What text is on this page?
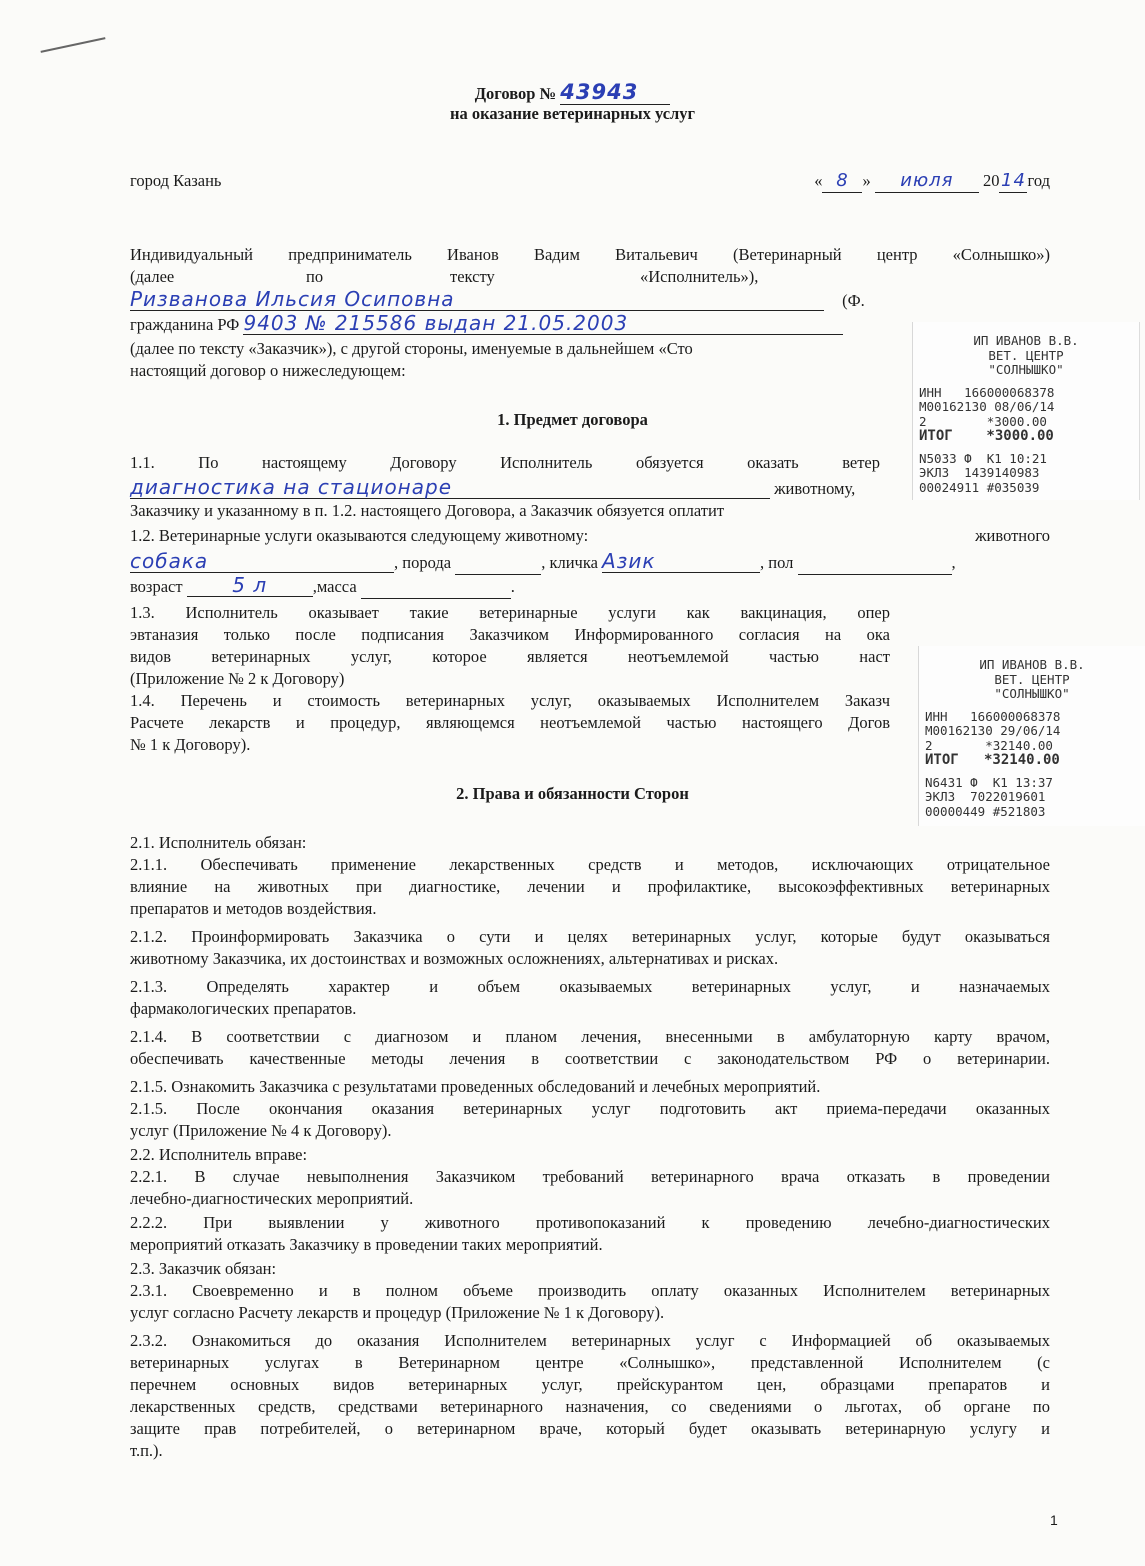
Договор № 43943
на оказание ветеринарных услуг
город Казань	« 8 » июля 2014год
Индивидуальный предприниматель Иванов Вадим Витальевич (Ветеринарный центр «Солнышко»)
(далее	по	тексту	«Исполнитель»),
Ризванова Ильсия Осиповна	(Ф.
гражданина РФ 9403 № 215586 выдан 21.05.2003
(далее по тексту «Заказчик»), с другой стороны, именуемые в дальнейшем «Сто
настоящий договор о нижеследующем:
1. Предмет договора
1.1. По настоящему Договору Исполнитель обязуется оказать ветер
диагностика на стационаре	животному,
Заказчику и указанному в п. 1.2. настоящего Договора, а Заказчик обязуется оплатит
1.2. Ветеринарные услуги оказываются следующему животному:	животного
собака	, порода	, кличка Азик	, пол	,
возраст 5 л	,масса	.
1.3. Исполнитель оказывает такие ветеринарные услуги как вакцинация, опер
эвтаназия только после подписания Заказчиком Информированного согласия на ока
видов ветеринарных услуг, которое является неотъемлемой частью наст
(Приложение № 2 к Договору)
1.4. Перечень и стоимость ветеринарных услуг, оказываемых Исполнителем Заказч
Расчете лекарств и процедур, являющемся неотъемлемой частью настоящего Догов
№ 1 к Договору).
2. Права и обязанности Сторон
2.1. Исполнитель обязан:
2.1.1. Обеспечивать применение лекарственных средств и методов, исключающих отрицательное
влияние на животных при диагностике, лечении и профилактике, высокоэффективных ветеринарных
препаратов и методов воздействия.
2.1.2. Проинформировать Заказчика о сути и целях ветеринарных услуг, которые будут оказываться
животному Заказчика, их достоинствах и возможных осложнениях, альтернативах и рисках.
2.1.3. Определять характер и объем оказываемых ветеринарных услуг, и назначаемых
фармакологических препаратов.
2.1.4. В соответствии с диагнозом и планом лечения, внесенными в амбулаторную карту врачом,
обеспечивать качественные методы лечения в соответствии с законодательством РФ о ветеринарии.
2.1.5. Ознакомить Заказчика с результатами проведенных обследований и лечебных мероприятий.
2.1.5. После окончания оказания ветеринарных услуг подготовить акт приема-передачи оказанных
услуг (Приложение № 4 к Договору).
2.2. Исполнитель вправе:
2.2.1. В случае невыполнения Заказчиком требований ветеринарного врача отказать в проведении
лечебно-диагностических мероприятий.
2.2.2. При выявлении у животного противопоказаний к проведению лечебно-диагностических
мероприятий отказать Заказчику в проведении таких мероприятий.
2.3. Заказчик обязан:
2.3.1. Своевременно и в полном объеме производить оплату оказанных Исполнителем ветеринарных
услуг согласно Расчету лекарств и процедур (Приложение № 1 к Договору).
2.3.2. Ознакомиться до оказания Исполнителем ветеринарных услуг с Информацией об оказываемых
ветеринарных услугах в Ветеринарном центре «Солнышко», представленной Исполнителем (с
перечнем основных видов ветеринарных услуг, прейскурантом цен, образцами препаратов и
лекарственных средств, средствами ветеринарного назначения, со сведениями о льготах, об органе по
защите прав потребителей, о ветеринарном враче, который будет оказывать ветеринарную услугу и
т.п.).
ИП ИВАНОВ В.В.
ВЕТ. ЦЕНТР
"СОЛНЫШКО"
ИНН   166000068378
М00162130 08/06/14
2        *3000.00
ИТОГ    *3000.00
N5033 Ф  К1 10:21
ЭКЛЗ  1439140983
00024911 #035039
ИП ИВАНОВ В.В.
ВЕТ. ЦЕНТР
"СОЛНЫШКО"
ИНН   166000068378
М00162130 29/06/14
2       *32140.00
ИТОГ   *32140.00
N6431 Ф  К1 13:37
ЭКЛЗ  7022019601
00000449 #521803
1
